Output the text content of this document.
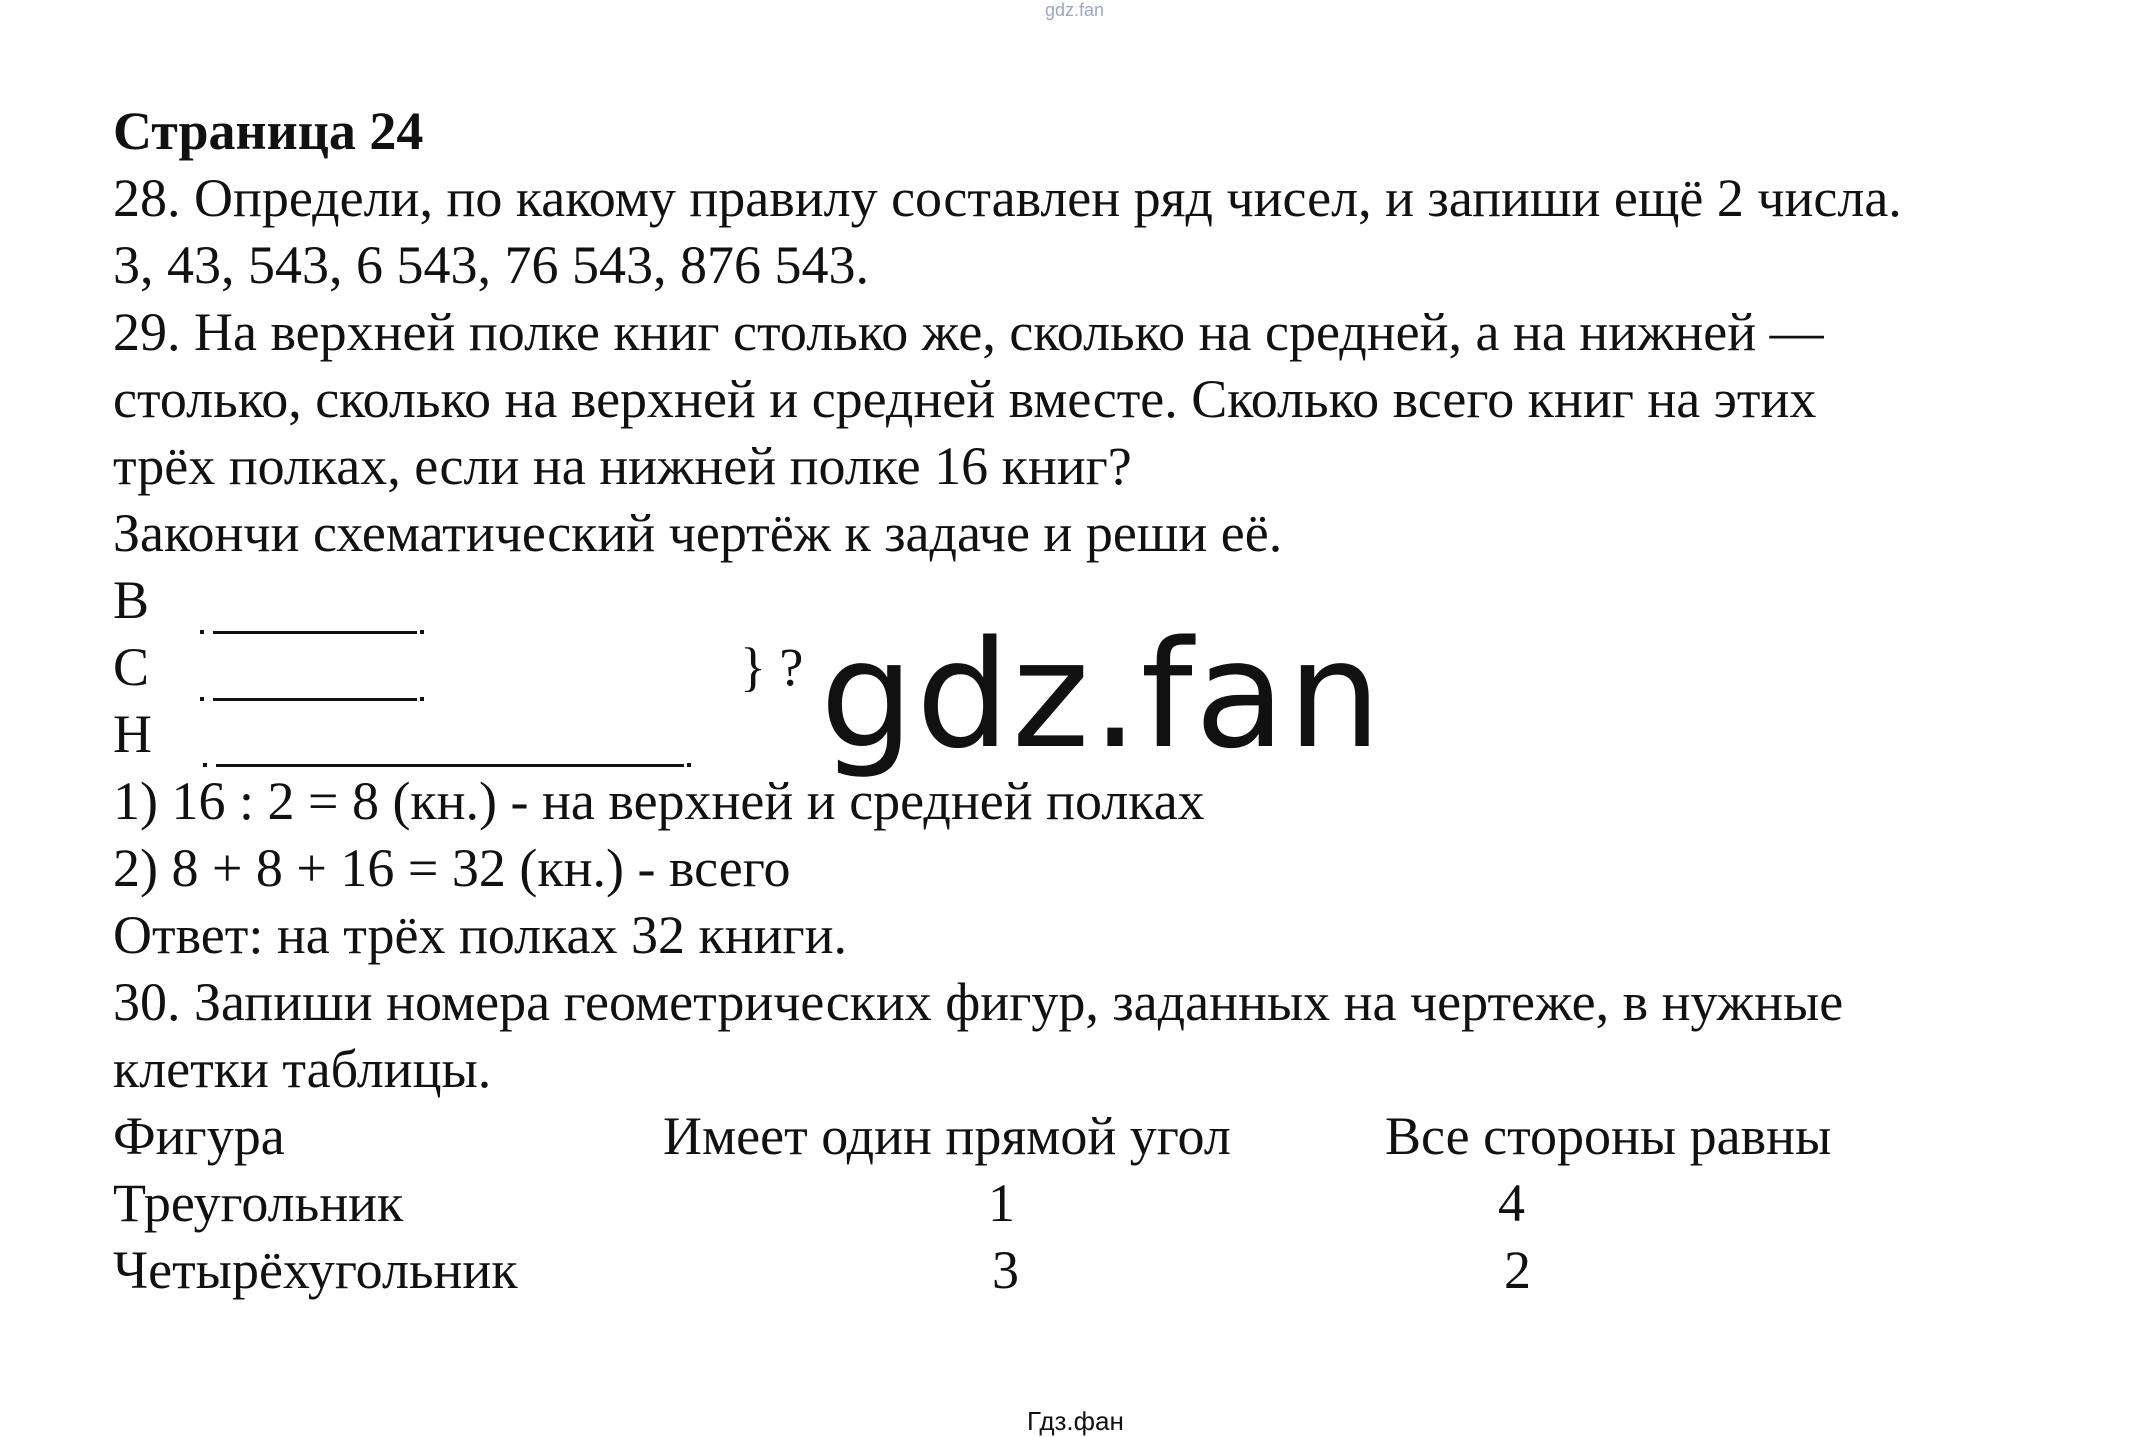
gdz.fan
Страница 24
28. Определи, по какому правилу составлен ряд чисел, и запиши ещё 2 числа.
3, 43, 543, 6 543, 76 543, 876 543.
29. На верхней полке книг столько же, сколько на средней, а на нижней —
столько, сколько на верхней и средней вместе. Сколько всего книг на этих
трёх полках, если на нижней полке 16 книг?
Закончи схематический чертёж к задаче и реши её.
В
С	} ?
Н	gdz.fan
1) 16 : 2 = 8 (кн.) - на верхней и средней полках
2) 8 + 8 + 16 = 32 (кн.) - всего
Ответ: на трёх полках 32 книги.
30. Запиши номера геометрических фигур, заданных на чертеже, в нужные
клетки таблицы.
Фигура	Имеет один прямой угол	Все стороны равны
Треугольник	1	4
Четырёхугольник	3	2
Гдз.фан
